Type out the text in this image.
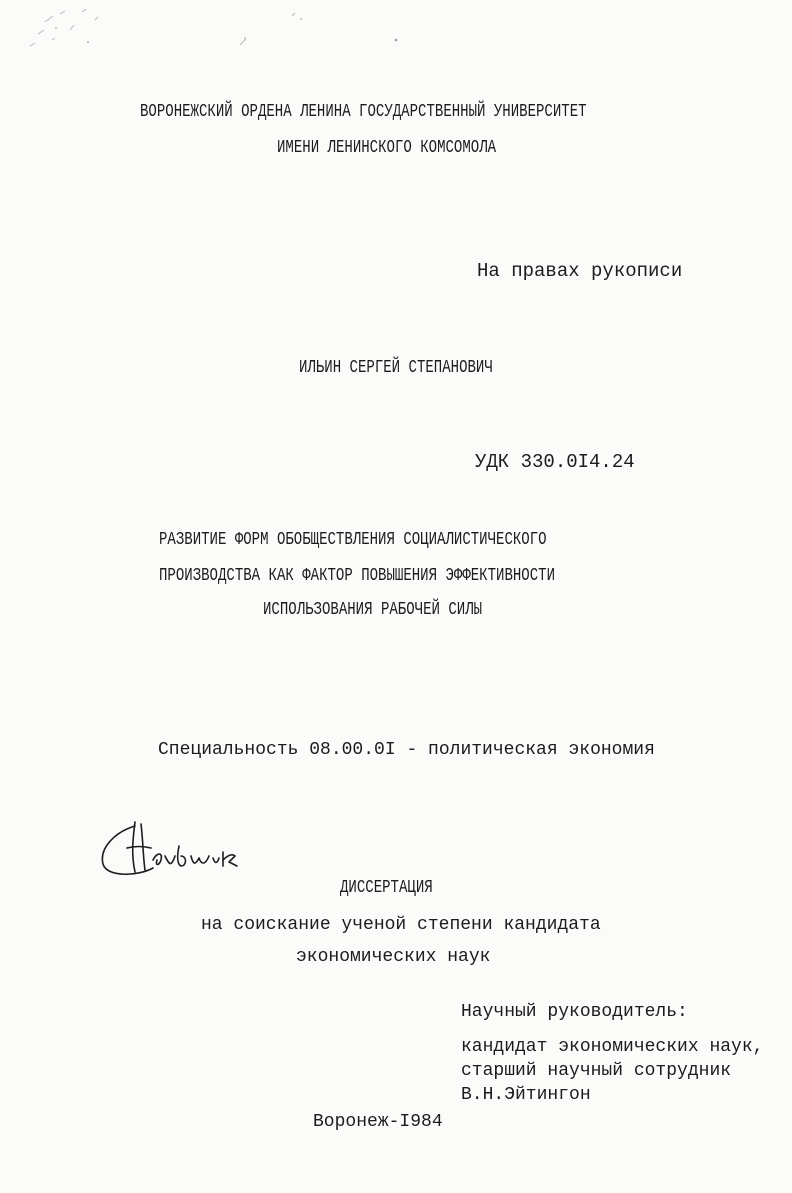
ВОРОНЕЖСКИЙ ОРДЕНА ЛЕНИНА ГОСУДАРСТВЕННЫЙ УНИВЕРСИТЕТ
ИМЕНИ ЛЕНИНСКОГО КОМСОМОЛА
На правах рукописи
ИЛЬИН СЕРГЕЙ СТЕПАНОВИЧ
УДК 330.0I4.24
РАЗВИТИЕ ФОРМ ОБОБЩЕСТВЛЕНИЯ СОЦИАЛИСТИЧЕСКОГО
ПРОИЗВОДСТВА КАК ФАКТОР ПОВЫШЕНИЯ ЭФФЕКТИВНОСТИ
ИСПОЛЬЗОВАНИЯ РАБОЧЕЙ СИЛЫ
Специальность 08.00.0I - политическая экономия
ДИССЕРТАЦИЯ
на соискание ученой степени кандидата
экономических наук
Научный руководитель:
кандидат экономических наук,
старший научный сотрудник
В.Н.Эйтингон
Воронеж-I984
